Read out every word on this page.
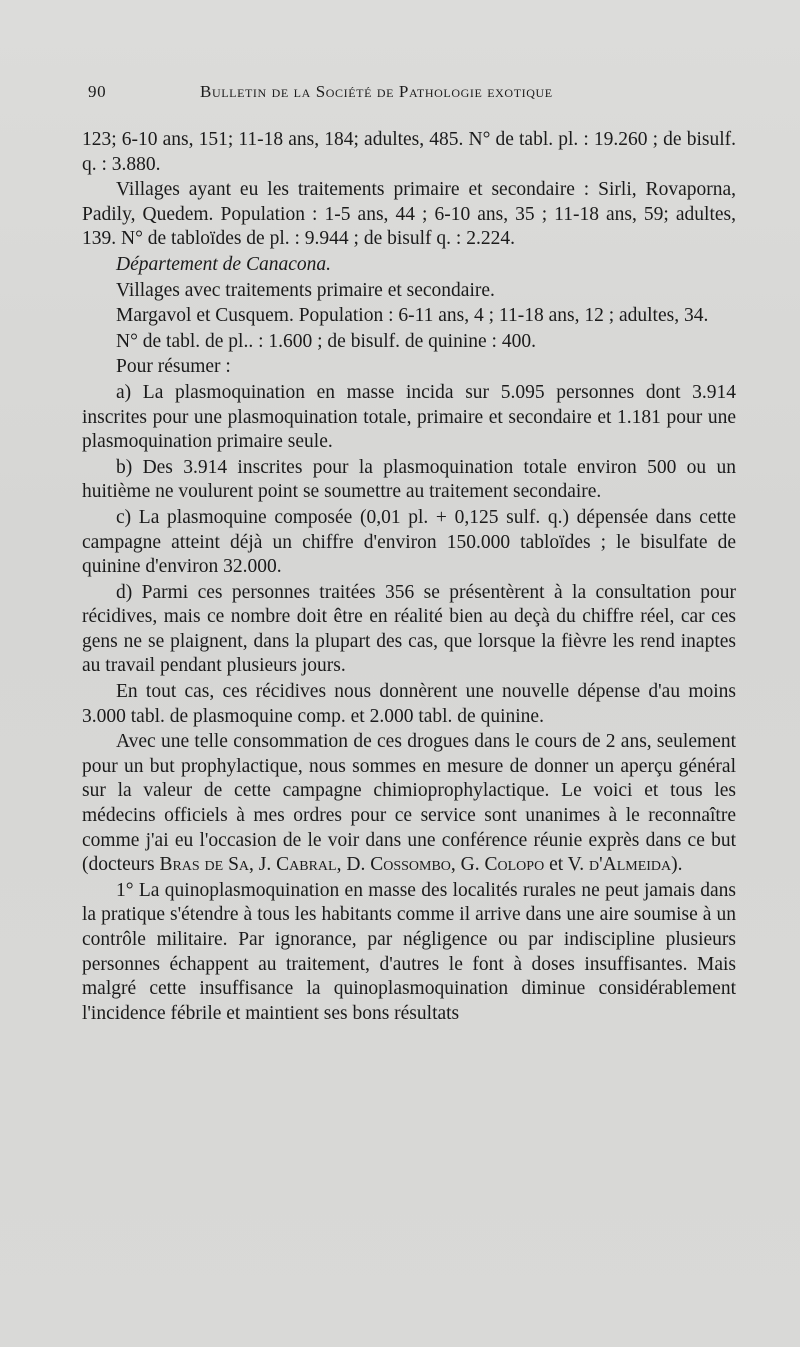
90	Bulletin de la Société de Pathologie exotique

123; 6-10 ans, 151; 11-18 ans, 184; adultes, 485. N° de tabl. pl. : 19.260 ; de bisulf. q. : 3.880.

Villages ayant eu les traitements primaire et secondaire : Sirli, Rovaporna, Padily, Quedem. Population : 1-5 ans, 44 ; 6-10 ans, 35 ; 11-18 ans, 59; adultes, 139. N° de tabloïdes de pl. : 9.944 ; de bisulf q. : 2.224.

Département de Canacona.

Villages avec traitements primaire et secondaire.

Margavol et Cusquem. Population : 6-11 ans, 4 ; 11-18 ans, 12 ; adultes, 34.

N° de tabl. de pl.. : 1.600 ; de bisulf. de quinine : 400.

Pour résumer :

a) La plasmoquination en masse incida sur 5.095 personnes dont 3.914 inscrites pour une plasmoquination totale, primaire et secondaire et 1.181 pour une plasmoquination primaire seule.

b) Des 3.914 inscrites pour la plasmoquination totale environ 500 ou un huitième ne voulurent point se soumettre au traitement secondaire.

c) La plasmoquine composée (0,01 pl. + 0,125 sulf. q.) dépensée dans cette campagne atteint déjà un chiffre d'environ 150.000 tabloïdes ; le bisulfate de quinine d'environ 32.000.

d) Parmi ces personnes traitées 356 se présentèrent à la consultation pour récidives, mais ce nombre doit être en réalité bien au deçà du chiffre réel, car ces gens ne se plaignent, dans la plupart des cas, que lorsque la fièvre les rend inaptes au travail pendant plusieurs jours.

En tout cas, ces récidives nous donnèrent une nouvelle dépense d'au moins 3.000 tabl. de plasmoquine comp. et 2.000 tabl. de quinine.

Avec une telle consommation de ces drogues dans le cours de 2 ans, seulement pour un but prophylactique, nous sommes en mesure de donner un aperçu général sur la valeur de cette campagne chimioprophylactique. Le voici et tous les médecins officiels à mes ordres pour ce service sont unanimes à le reconnaître comme j'ai eu l'occasion de le voir dans une conférence réunie exprès dans ce but (docteurs Bras de Sa, J. Cabral, D. Cossombo, G. Colopo et V. d'Almeida).

1° La quinoplasmoquination en masse des localités rurales ne peut jamais dans la pratique s'étendre à tous les habitants comme il arrive dans une aire soumise à un contrôle militaire. Par ignorance, par négligence ou par indiscipline plusieurs personnes échappent au traitement, d'autres le font à doses insuffisantes. Mais malgré cette insuffisance la quinoplasmoquination diminue considérablement l'incidence fébrile et maintient ses bons résultats
